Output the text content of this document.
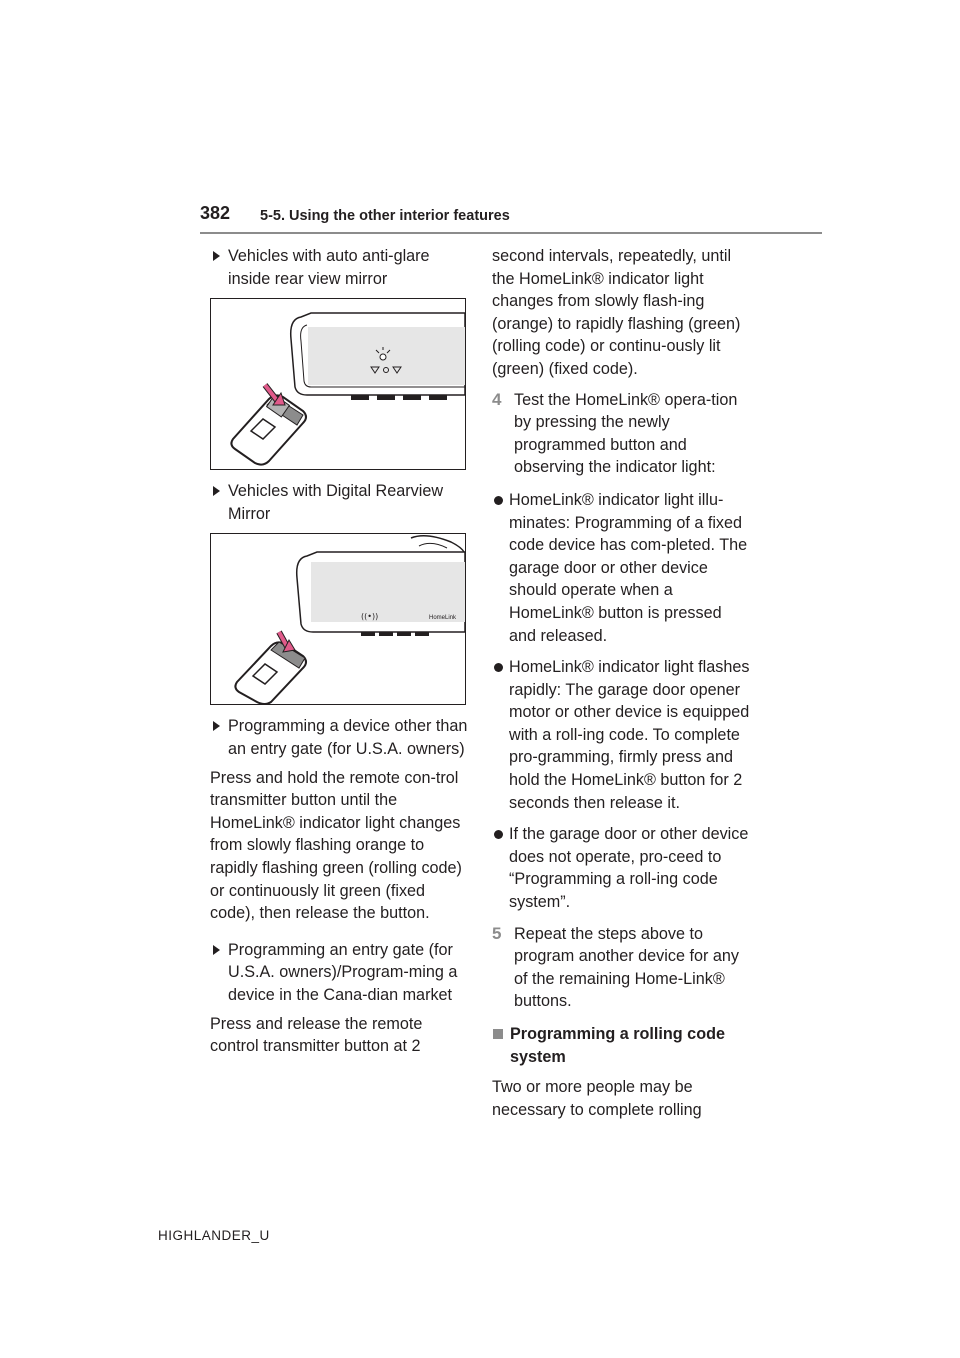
382 5-5. Using the other interior features
Vehicles with auto anti-glare inside rear view mirror
Vehicles with Digital Rearview Mirror
((•))	HomeLink
Programming a device other than an entry gate (for U.S.A. owners)
Press and hold the remote con-trol transmitter button until the HomeLink® indicator light changes from slowly flashing orange to rapidly flashing green (rolling code) or continuously lit green (fixed code), then release the button.
Programming an entry gate (for U.S.A. owners)/Program-ming a device in the Cana-dian market
Press and release the remote control transmitter button at 2
second intervals, repeatedly, until the HomeLink® indicator light changes from slowly flash-ing (orange) to rapidly flashing (green) (rolling code) or continu-ously lit (green) (fixed code).
4 Test the HomeLink® opera-tion by pressing the newly programmed button and observing the indicator light:
HomeLink® indicator light illu-minates: Programming of a fixed code device has com-pleted. The garage door or other device should operate when a HomeLink® button is pressed and released.
HomeLink® indicator light flashes rapidly: The garage door opener motor or other device is equipped with a roll-ing code. To complete pro-gramming, firmly press and hold the HomeLink® button for 2 seconds then release it.
If the garage door or other device does not operate, pro-ceed to “Programming a roll-ing code system”.
5 Repeat the steps above to program another device for any of the remaining Home-Link® buttons.
Programming a rolling code system
Two or more people may be necessary to complete rolling
HIGHLANDER_U
